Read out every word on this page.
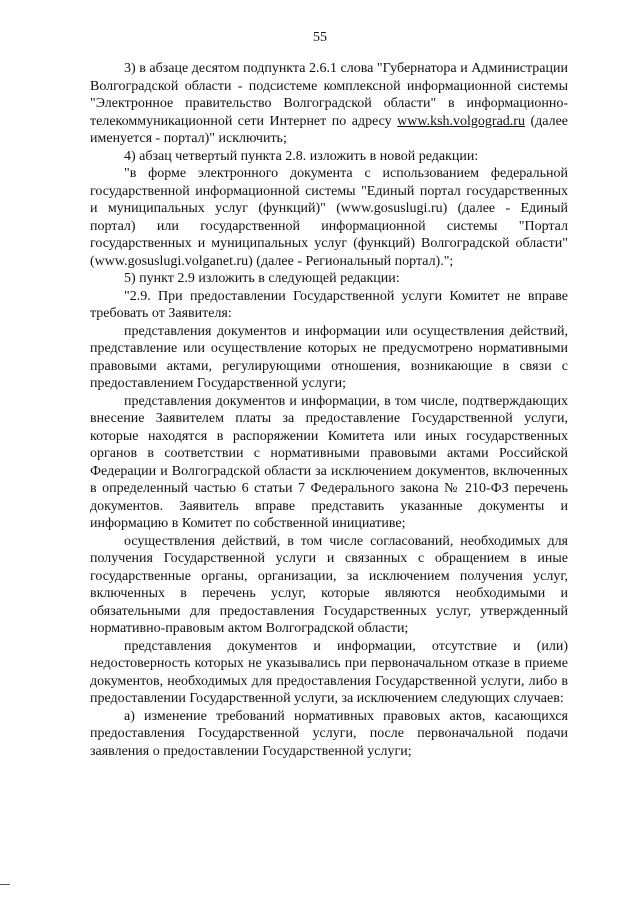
55

3) в абзаце десятом подпункта 2.6.1 слова "Губернатора и Администрации Волгоградской области - подсистеме комплексной информационной системы "Электронное правительство Волгоградской области" в информационно-телекоммуникационной сети Интернет по адресу www.ksh.volgograd.ru (далее именуется - портал)" исключить;

4) абзац четвертый пункта 2.8. изложить в новой редакции:

"в форме электронного документа с использованием федеральной государственной информационной системы "Единый портал государственных и муниципальных услуг (функций)" (www.gosuslugi.ru) (далее - Единый портал) или государственной информационной системы "Портал государственных и муниципальных услуг (функций) Волгоградской области" (www.gosuslugi.volganet.ru) (далее - Региональный портал).";

5) пункт 2.9 изложить в следующей редакции:

"2.9. При предоставлении Государственной услуги Комитет не вправе требовать от Заявителя:

представления документов и информации или осуществления действий, представление или осуществление которых не предусмотрено нормативными правовыми актами, регулирующими отношения, возникающие в связи с предоставлением Государственной услуги;

представления документов и информации, в том числе, подтверждающих внесение Заявителем платы за предоставление Государственной услуги, которые находятся в распоряжении Комитета или иных государственных органов в соответствии с нормативными правовыми актами Российской Федерации и Волгоградской области за исключением документов, включенных в определенный частью 6 статьи 7 Федерального закона № 210-ФЗ перечень документов. Заявитель вправе представить указанные документы и информацию в Комитет по собственной инициативе;

осуществления действий, в том числе согласований, необходимых для получения Государственной услуги и связанных с обращением в иные государственные органы, организации, за исключением получения услуг, включенных в перечень услуг, которые являются необходимыми и обязательными для предоставления Государственных услуг, утвержденный нормативно-правовым актом Волгоградской области;

представления документов и информации, отсутствие и (или) недостоверность которых не указывались при первоначальном отказе в приеме документов, необходимых для предоставления Государственной услуги, либо в предоставлении Государственной услуги, за исключением следующих случаев:

а) изменение требований нормативных правовых актов, касающихся предоставления Государственной услуги, после первоначальной подачи заявления о предоставлении Государственной услуги;
